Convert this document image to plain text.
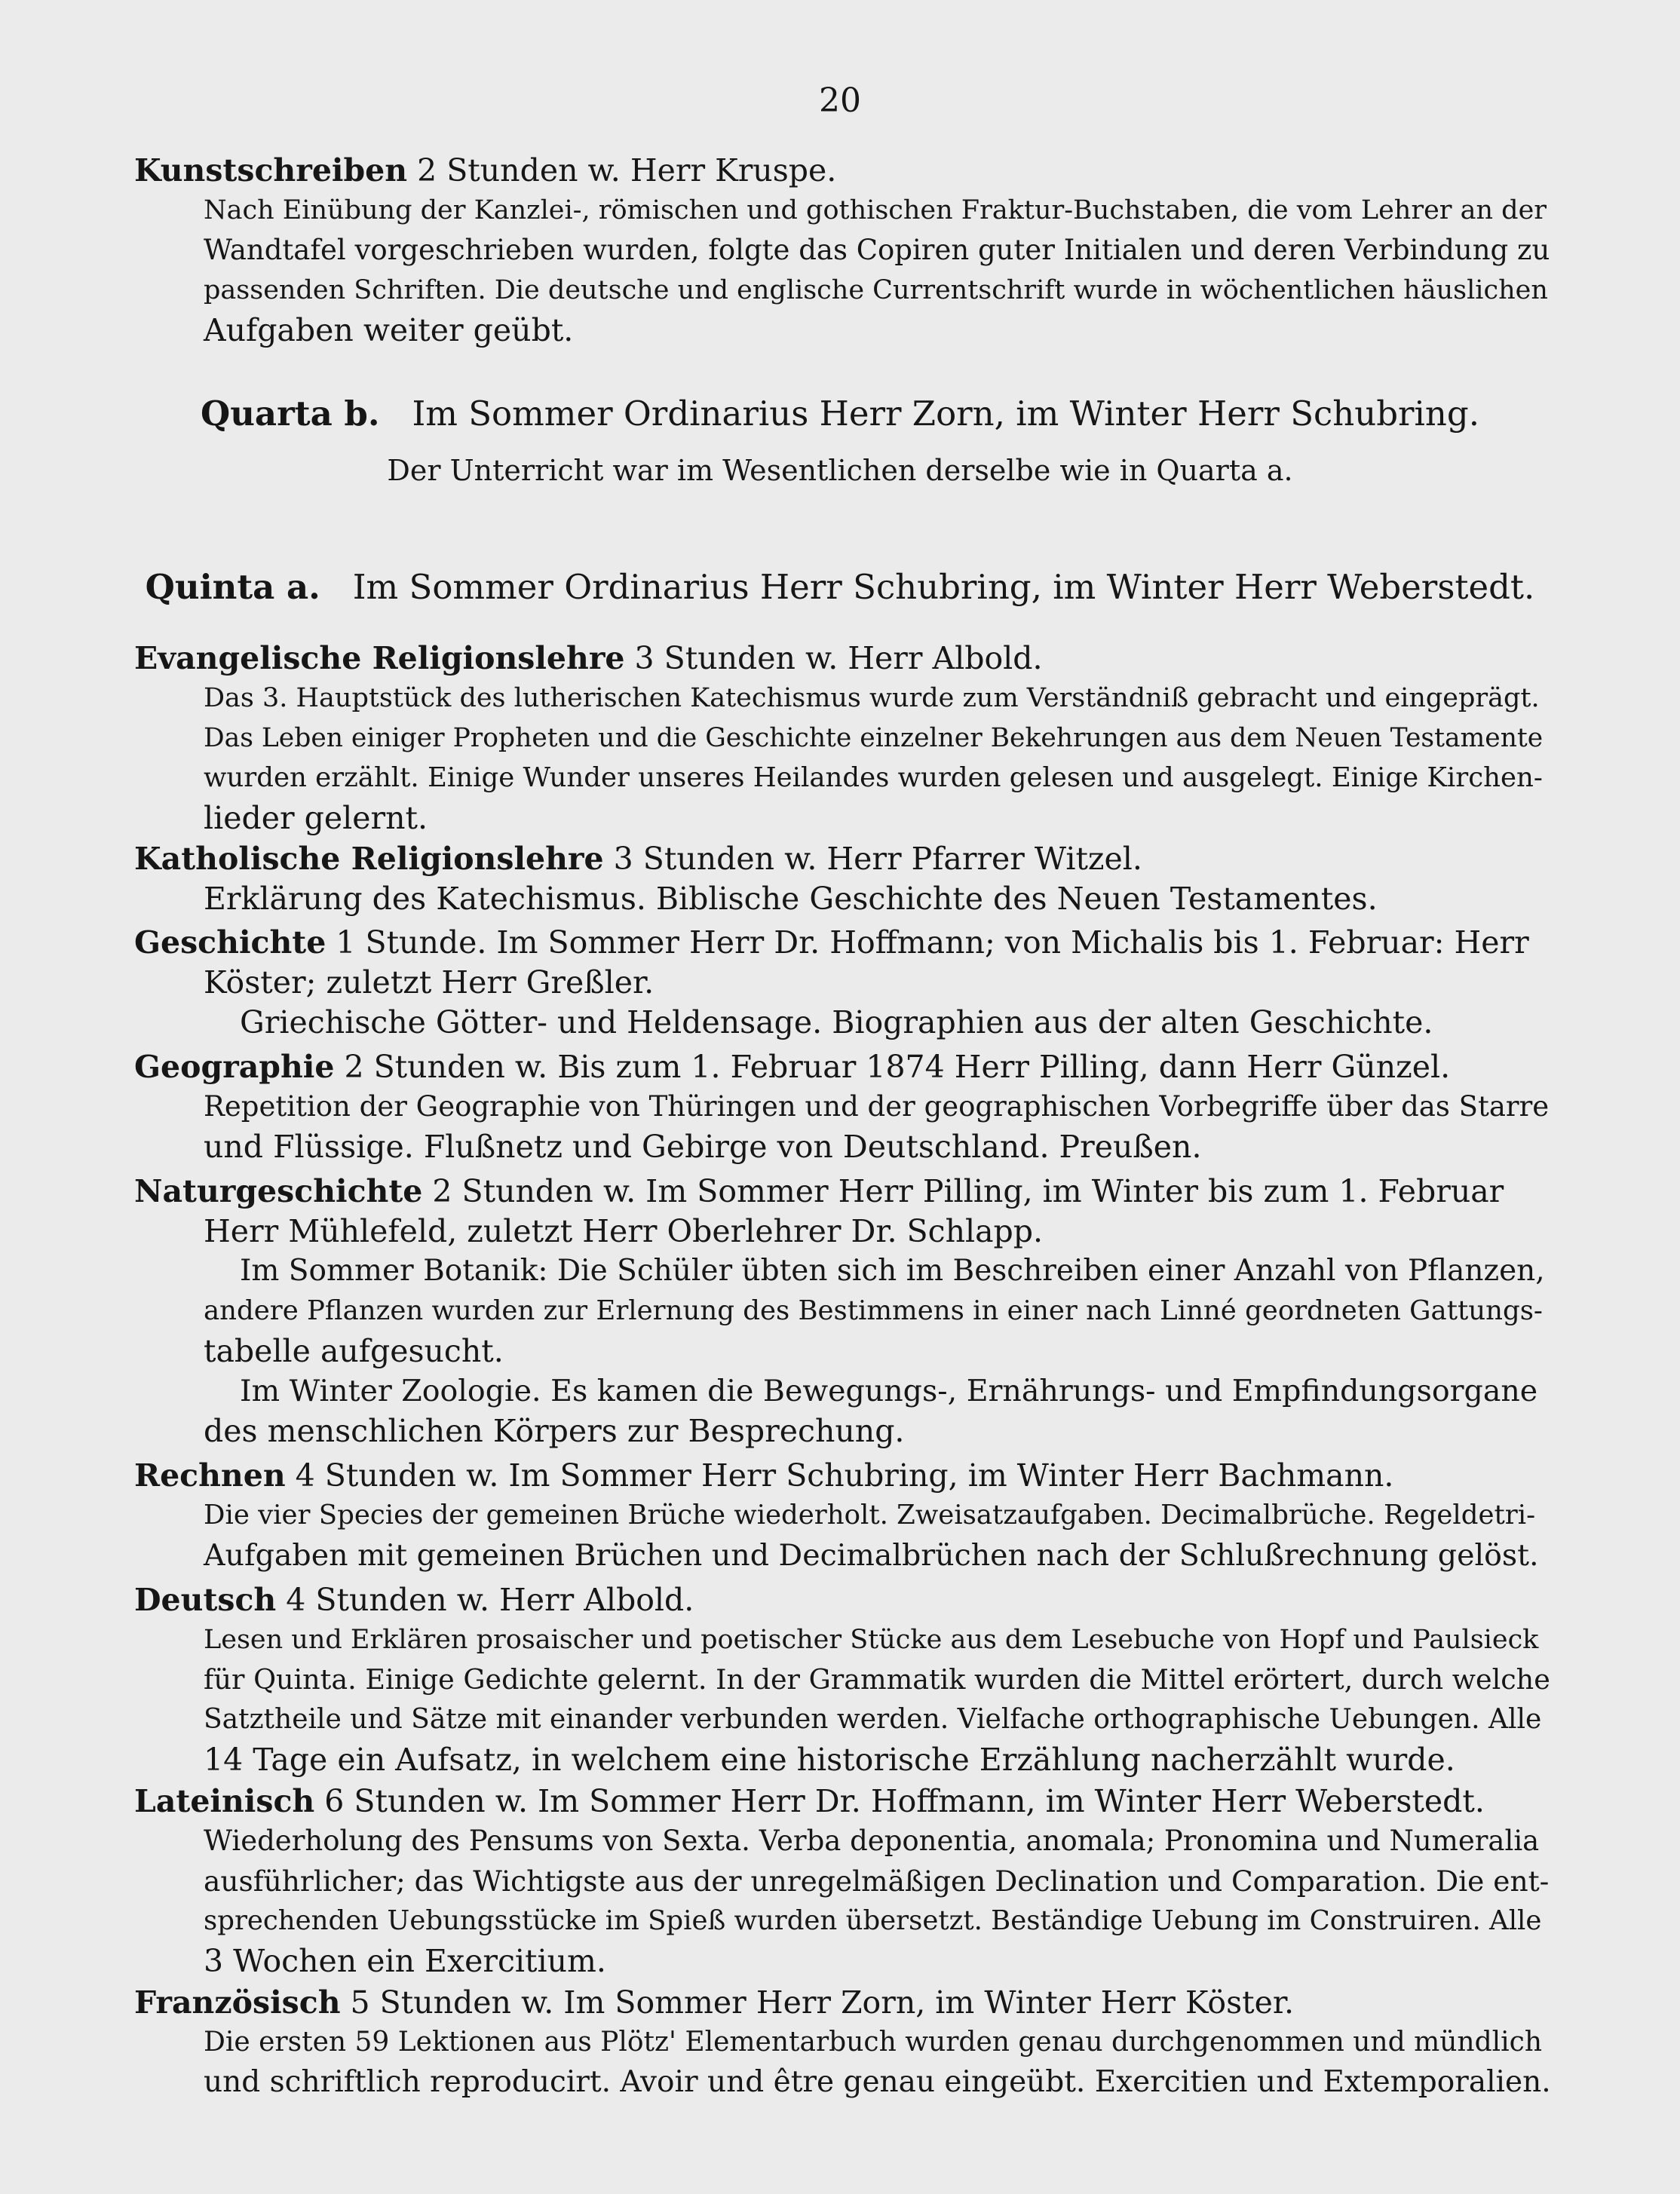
20
Kunstschreiben 2 Stunden w. Herr Kruspe.
Nach Einübung der Kanzlei-, römischen und gothischen Fraktur-Buchstaben, die vom Lehrer an der
Wandtafel vorgeschrieben wurden, folgte das Copiren guter Initialen und deren Verbindung zu
passenden Schriften. Die deutsche und englische Currentschrift wurde in wöchentlichen häuslichen
Aufgaben weiter geübt.
Quarta b. Im Sommer Ordinarius Herr Zorn, im Winter Herr Schubring.
Der Unterricht war im Wesentlichen derselbe wie in Quarta a.
Quinta a. Im Sommer Ordinarius Herr Schubring, im Winter Herr Weberstedt.
Evangelische Religionslehre 3 Stunden w. Herr Albold.
Das 3. Hauptstück des lutherischen Katechismus wurde zum Verständniß gebracht und eingeprägt.
Das Leben einiger Propheten und die Geschichte einzelner Bekehrungen aus dem Neuen Testamente
wurden erzählt. Einige Wunder unseres Heilandes wurden gelesen und ausgelegt. Einige Kirchen-
lieder gelernt.
Katholische Religionslehre 3 Stunden w. Herr Pfarrer Witzel.
Erklärung des Katechismus. Biblische Geschichte des Neuen Testamentes.
Geschichte 1 Stunde. Im Sommer Herr Dr. Hoffmann; von Michalis bis 1. Februar: Herr
Köster; zuletzt Herr Greßler.
Griechische Götter- und Heldensage. Biographien aus der alten Geschichte.
Geographie 2 Stunden w. Bis zum 1. Februar 1874 Herr Pilling, dann Herr Günzel.
Repetition der Geographie von Thüringen und der geographischen Vorbegriffe über das Starre
und Flüssige. Flußnetz und Gebirge von Deutschland. Preußen.
Naturgeschichte 2 Stunden w. Im Sommer Herr Pilling, im Winter bis zum 1. Februar
Herr Mühlefeld, zuletzt Herr Oberlehrer Dr. Schlapp.
Im Sommer Botanik: Die Schüler übten sich im Beschreiben einer Anzahl von Pflanzen,
andere Pflanzen wurden zur Erlernung des Bestimmens in einer nach Linné geordneten Gattungs-
tabelle aufgesucht.
Im Winter Zoologie. Es kamen die Bewegungs-, Ernährungs- und Empfindungsorgane
des menschlichen Körpers zur Besprechung.
Rechnen 4 Stunden w. Im Sommer Herr Schubring, im Winter Herr Bachmann.
Die vier Species der gemeinen Brüche wiederholt. Zweisatzaufgaben. Decimalbrüche. Regeldetri-
Aufgaben mit gemeinen Brüchen und Decimalbrüchen nach der Schlußrechnung gelöst.
Deutsch 4 Stunden w. Herr Albold.
Lesen und Erklären prosaischer und poetischer Stücke aus dem Lesebuche von Hopf und Paulsieck
für Quinta. Einige Gedichte gelernt. In der Grammatik wurden die Mittel erörtert, durch welche
Satztheile und Sätze mit einander verbunden werden. Vielfache orthographische Uebungen. Alle
14 Tage ein Aufsatz, in welchem eine historische Erzählung nacherzählt wurde.
Lateinisch 6 Stunden w. Im Sommer Herr Dr. Hoffmann, im Winter Herr Weberstedt.
Wiederholung des Pensums von Sexta. Verba deponentia, anomala; Pronomina und Numeralia
ausführlicher; das Wichtigste aus der unregelmäßigen Declination und Comparation. Die ent-
sprechenden Uebungsstücke im Spieß wurden übersetzt. Beständige Uebung im Construiren. Alle
3 Wochen ein Exercitium.
Französisch 5 Stunden w. Im Sommer Herr Zorn, im Winter Herr Köster.
Die ersten 59 Lektionen aus Plötz' Elementarbuch wurden genau durchgenommen und mündlich
und schriftlich reproducirt. Avoir und être genau eingeübt. Exercitien und Extemporalien.
